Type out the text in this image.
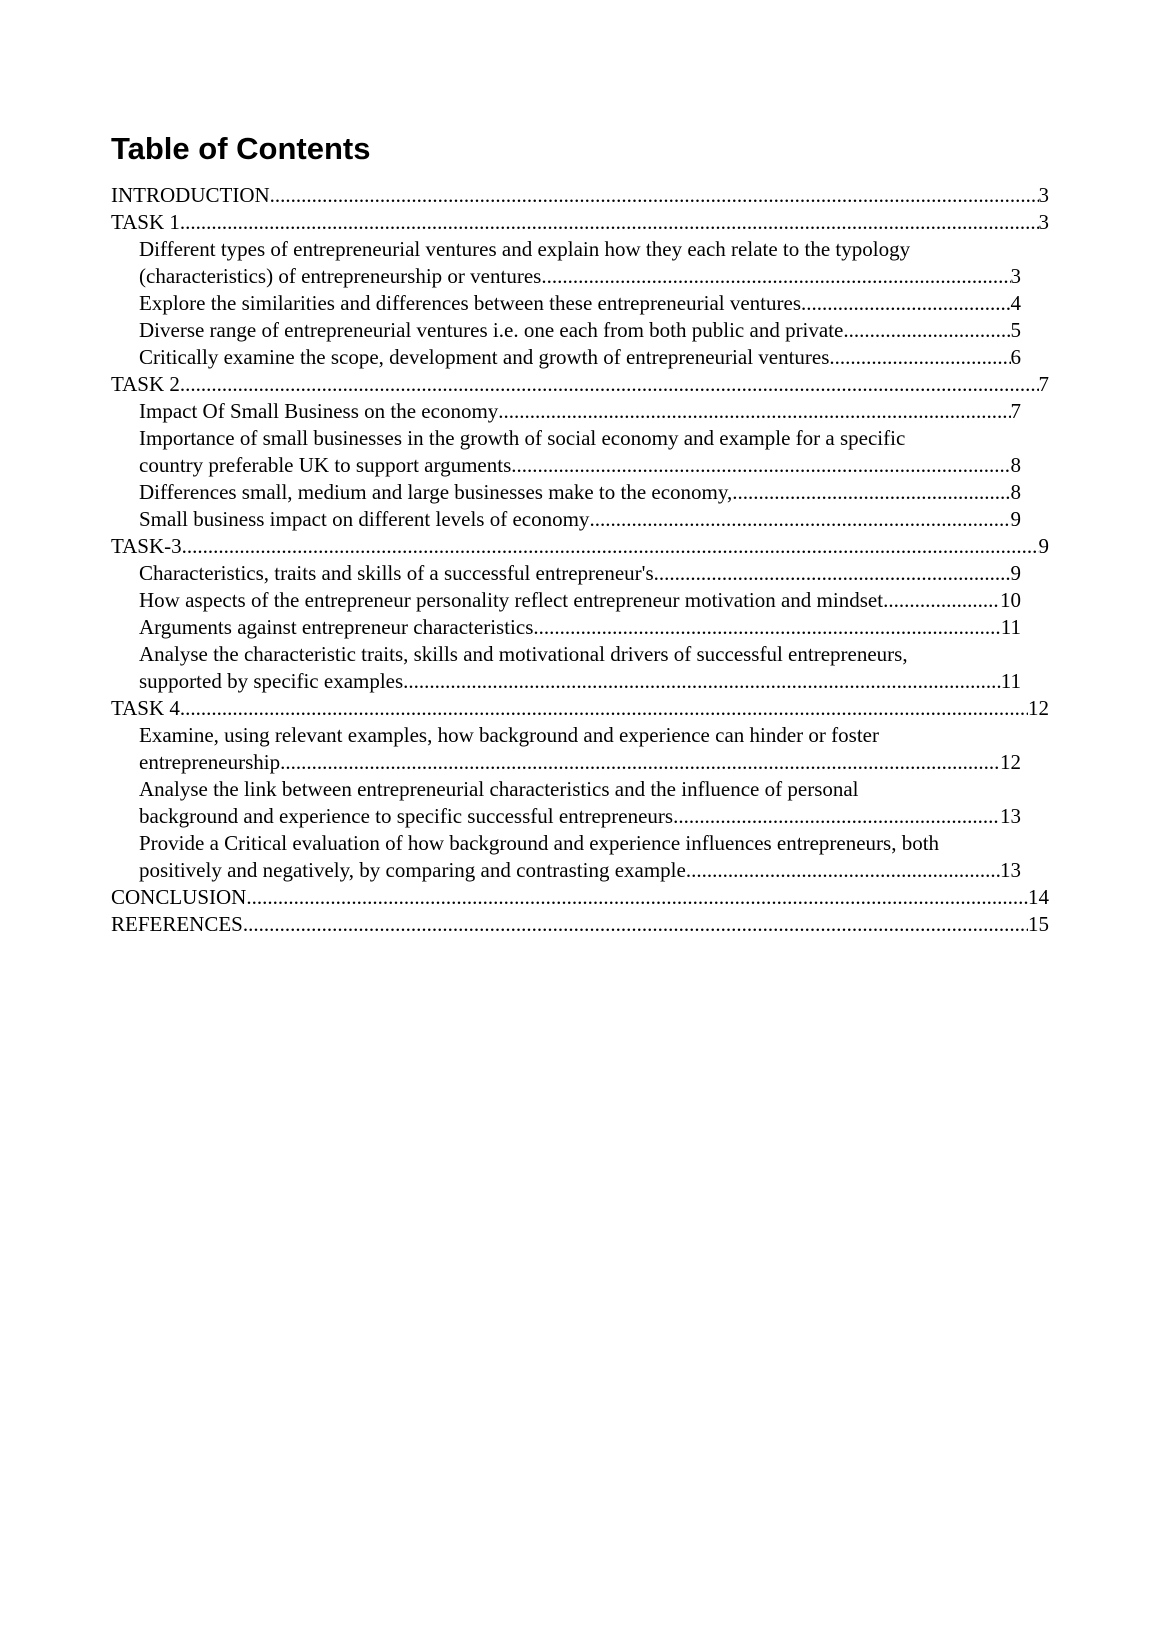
Table of Contents
INTRODUCTION .....	3
TASK 1 .....	3
Different types of entrepreneurial ventures and explain how they each relate to the typology
(characteristics) of entrepreneurship or ventures .....	3
Explore the similarities and differences between these entrepreneurial ventures .....	4
Diverse range of entrepreneurial ventures i.e. one each from both public and private .....	5
Critically examine the scope, development and growth of entrepreneurial ventures .....	6
TASK 2 .....	7
Impact Of Small Business on the economy .....	7
Importance of small businesses in the growth of social economy and example for a specific
country preferable UK to support arguments .....	8
Differences small, medium and large businesses make to the economy, .....	8
Small business impact on different levels of economy .....	9
TASK-3 .....	9
Characteristics, traits and skills of a successful entrepreneur's .....	9
How aspects of the entrepreneur personality reflect entrepreneur motivation and mindset .....	10
Arguments against entrepreneur characteristics .....	11
Analyse the characteristic traits, skills and motivational drivers of successful entrepreneurs,
supported by specific examples .....	11
TASK 4 .....	12
Examine, using relevant examples, how background and experience can hinder or foster
entrepreneurship .....	12
Analyse the link between entrepreneurial characteristics and the influence of personal
background and experience to specific successful entrepreneurs. .....	13
Provide a Critical evaluation of how background and experience influences entrepreneurs, both
positively and negatively, by comparing and contrasting example. .....	13
CONCLUSION .....	14
REFERENCES .....	15
